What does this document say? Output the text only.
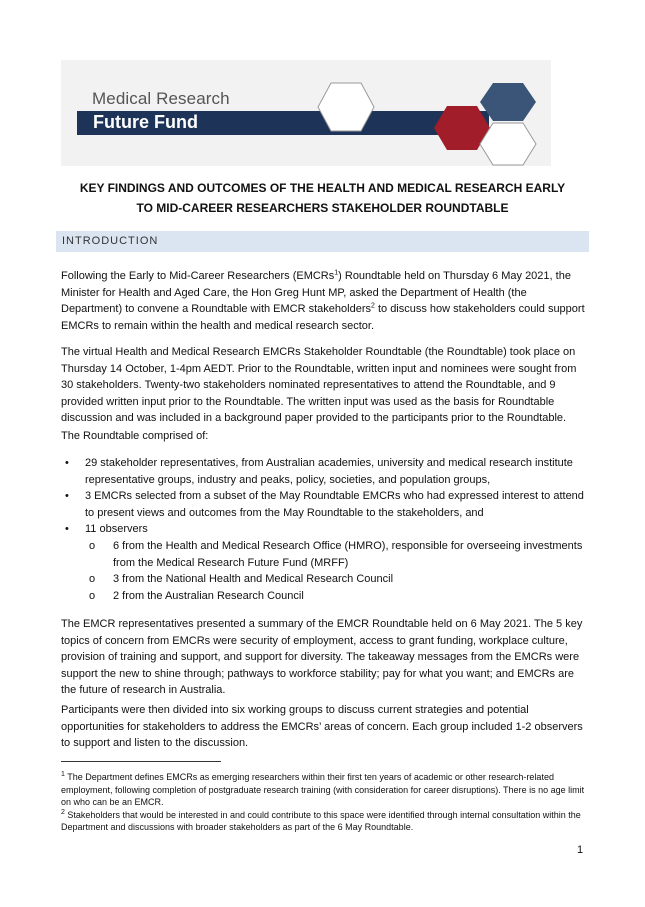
Medical Research
Future Fund
KEY FINDINGS AND OUTCOMES OF THE HEALTH AND MEDICAL RESEARCH EARLY
TO MID-CAREER RESEARCHERS STAKEHOLDER ROUNDTABLE
INTRODUCTION

Following the Early to Mid-Career Researchers (EMCRs$^1$) Roundtable held on Thursday 6 May 2021, the Minister for Health and Aged Care, the Hon Greg Hunt MP, asked the Department of Health (the Department) to convene a Roundtable with EMCR stakeholders$^2$ to discuss how stakeholders could support EMCRs to remain within the health and medical research sector.

The virtual Health and Medical Research EMCRs Stakeholder Roundtable (the Roundtable) took place on Thursday 14 October, 1-4pm AEDT. Prior to the Roundtable, written input and nominees were sought from 30 stakeholders. Twenty-two stakeholders nominated representatives to attend the Roundtable, and 9 provided written input prior to the Roundtable. The written input was used as the basis for Roundtable discussion and was included in a background paper provided to the participants prior to the Roundtable.

The Roundtable comprised of:

• 29 stakeholder representatives, from Australian academies, university and medical research institute representative groups, industry and peaks, policy, societies, and population groups,
• 3 EMCRs selected from a subset of the May Roundtable EMCRs who had expressed interest to attend to present views and outcomes from the May Roundtable to the stakeholders, and
• 11 observers
o 6 from the Health and Medical Research Office (HMRO), responsible for overseeing investments from the Medical Research Future Fund (MRFF)
o 3 from the National Health and Medical Research Council
o 2 from the Australian Research Council

The EMCR representatives presented a summary of the EMCR Roundtable held on 6 May 2021. The 5 key topics of concern from EMCRs were security of employment, access to grant funding, workplace culture, provision of training and support, and support for diversity. The takeaway messages from the EMCRs were support the new to shine through; pathways to workforce stability; pay for what you want; and EMCRs are the future of research in Australia.

Participants were then divided into six working groups to discuss current strategies and potential opportunities for stakeholders to address the EMCRs’ areas of concern. Each group included 1-2 observers to support and listen to the discussion.

$^1$ The Department defines EMCRs as emerging researchers within their first ten years of academic or other research-related employment, following completion of postgraduate research training (with consideration for career disruptions). There is no age limit on who can be an EMCR.

$^2$ Stakeholders that would be interested in and could contribute to this space were identified through internal consultation within the Department and discussions with broader stakeholders as part of the 6 May Roundtable.

1
